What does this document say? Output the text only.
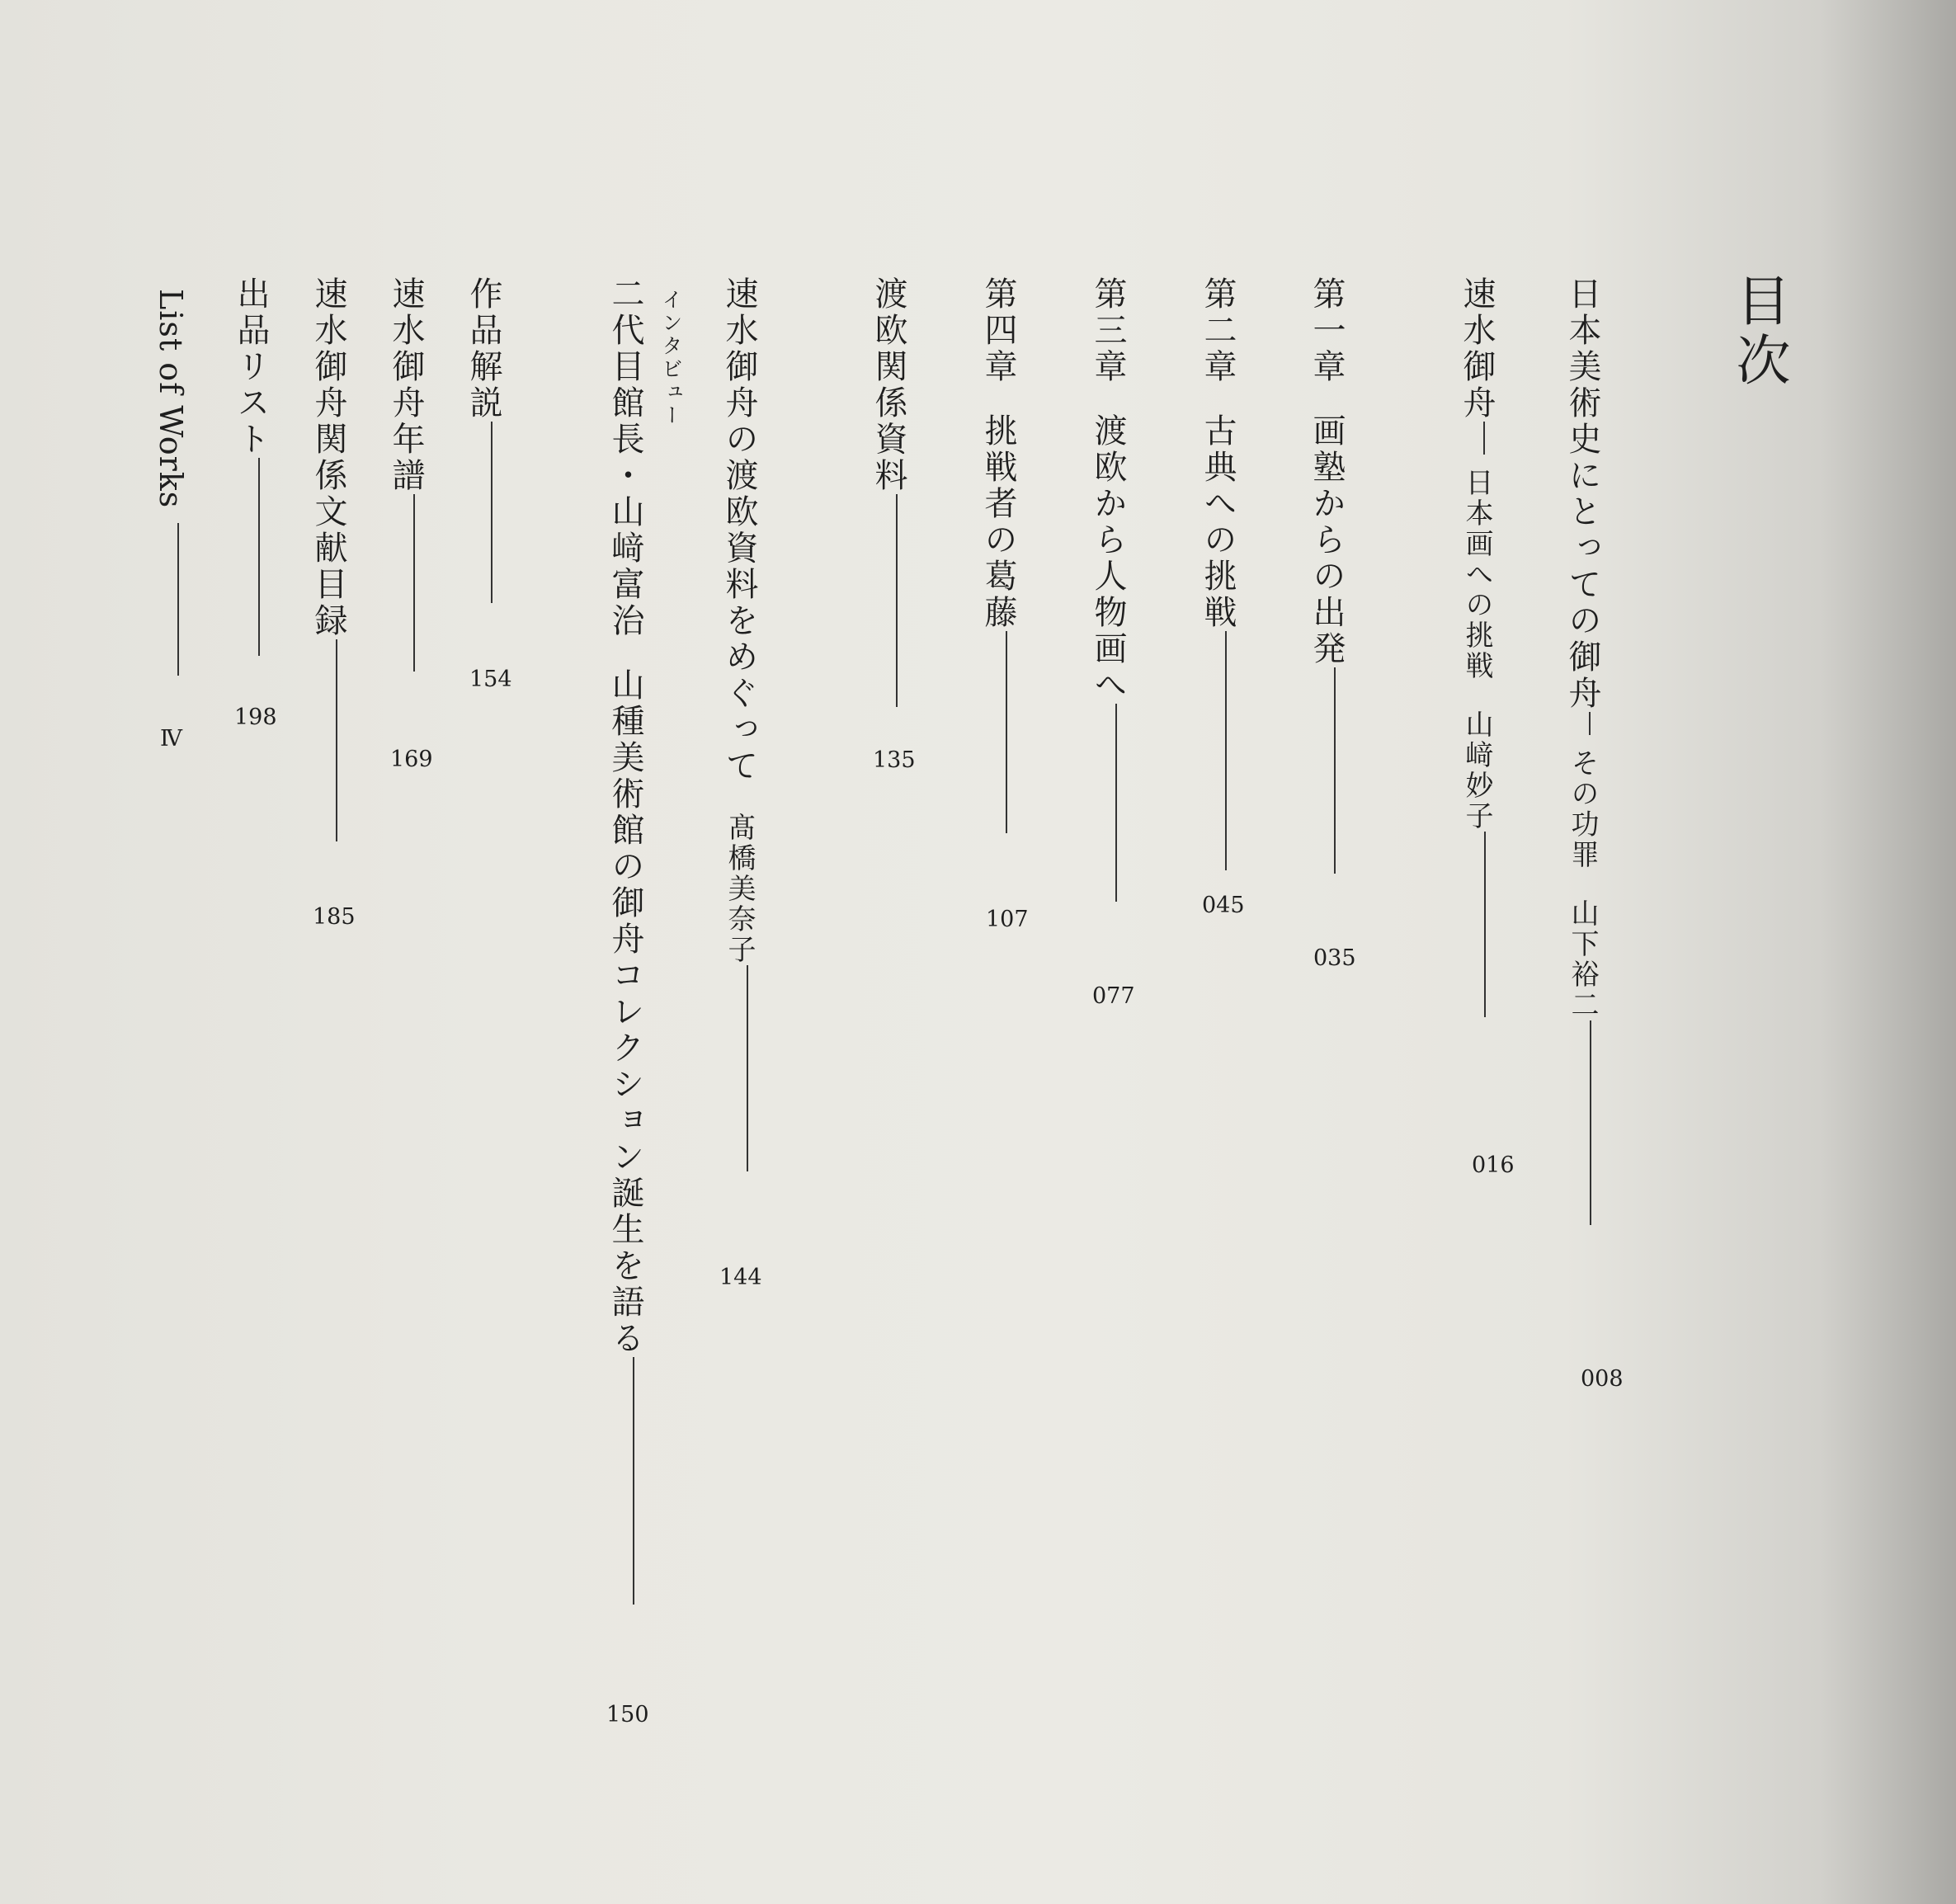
目次
日本美術史にとっての御舟その功罪山下裕二
008
速水御舟日本画への挑戦山﨑妙子
016
第一章画塾からの出発
035
第二章古典への挑戦
045
第三章渡欧から人物画へ
077
第四章挑戦者の葛藤
107
渡欧関係資料
135
速水御舟の渡欧資料をめぐって髙橋美奈子
144
インタビュー
二代目館長・山﨑富治山種美術館の御舟コレクション誕生を語る
150
作品解説
154
速水御舟年譜
169
速水御舟関係文献目録
185
出品リスト
198
List of Works
Ⅳ
